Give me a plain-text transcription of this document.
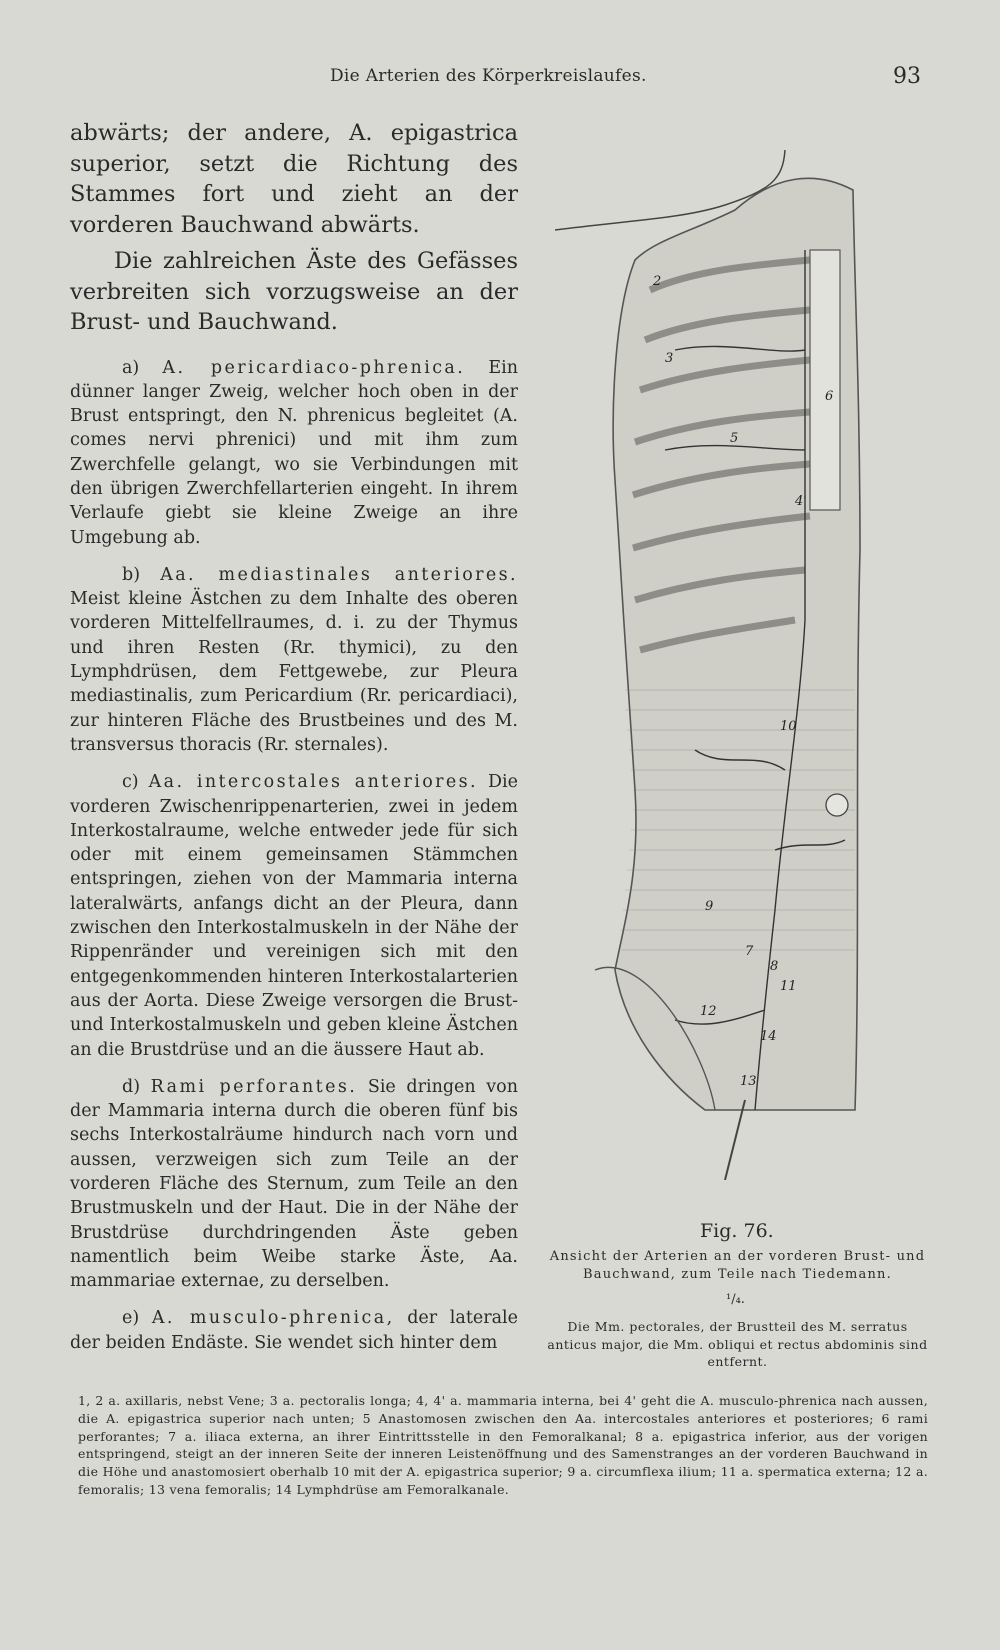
Die Arterien des Körperkreislaufes.	93

abwärts; der andere, A. epigastrica superior, setzt die Richtung des Stammes fort und zieht an der vorderen Bauchwand abwärts.

Die zahlreichen Äste des Gefässes verbreiten sich vorzugsweise an der Brust- und Bauchwand.

a) A. pericardiaco-phrenica. Ein dünner langer Zweig, welcher hoch oben in der Brust entspringt, den N. phrenicus begleitet (A. comes nervi phrenici) und mit ihm zum Zwerchfelle gelangt, wo sie Verbindungen mit den übrigen Zwerchfellarterien eingeht. In ihrem Verlaufe giebt sie kleine Zweige an ihre Umgebung ab.

b) Aa. mediastinales anteriores. Meist kleine Ästchen zu dem Inhalte des oberen vorderen Mittelfellraumes, d. i. zu der Thymus und ihren Resten (Rr. thymici), zu den Lymphdrüsen, dem Fettgewebe, zur Pleura mediastinalis, zum Pericardium (Rr. pericardiaci), zur hinteren Fläche des Brustbeines und des M. transversus thoracis (Rr. sternales).

c) Aa. intercostales anteriores. Die vorderen Zwischenrippenarterien, zwei in jedem Interkostalraume, welche entweder jede für sich oder mit einem gemeinsamen Stämmchen entspringen, ziehen von der Mammaria interna lateralwärts, anfangs dicht an der Pleura, dann zwischen den Interkostalmuskeln in der Nähe der Rippenränder und vereinigen sich mit den entgegenkommenden hinteren Interkostalarterien aus der Aorta. Diese Zweige versorgen die Brust- und Interkostalmuskeln und geben kleine Ästchen an die Brustdrüse und an die äussere Haut ab.

d) Rami perforantes. Sie dringen von der Mammaria interna durch die oberen fünf bis sechs Interkostalräume hindurch nach vorn und aussen, verzweigen sich zum Teile an der vorderen Fläche des Sternum, zum Teile an den Brustmuskeln und der Haut. Die in der Nähe der Brustdrüse durchdringenden Äste geben namentlich beim Weibe starke Äste, Aa. mammariae externae, zu derselben.

e) A. musculo-phrenica, der laterale der beiden Endäste. Sie wendet sich hinter dem

2
3
5
6
4'
10
9
7
8
11
12
14
13
Fig. 76.
Ansicht der Arterien an der vorderen Brust- und Bauchwand, zum Teile nach Tiedemann.
¹/₄.
Die Mm. pectorales, der Brustteil des M. serratus anticus major, die Mm. obliqui et rectus abdominis sind entfernt.

1, 2 a. axillaris, nebst Vene; 3 a. pectoralis longa; 4, 4' a. mammaria interna, bei 4' geht die A. musculo-phrenica nach aussen, die A. epigastrica superior nach unten; 5 Anastomosen zwischen den Aa. intercostales anteriores et posteriores; 6 rami perforantes; 7 a. iliaca externa, an ihrer Eintrittsstelle in den Femoralkanal; 8 a. epigastrica inferior, aus der vorigen entspringend, steigt an der inneren Seite der inneren Leistenöffnung und des Samenstranges an der vorderen Bauchwand in die Höhe und anastomosiert oberhalb 10 mit der A. epigastrica superior; 9 a. circumflexa ilium; 11 a. spermatica externa; 12 a. femoralis; 13 vena femoralis; 14 Lymphdrüse am Femoralkanale.
